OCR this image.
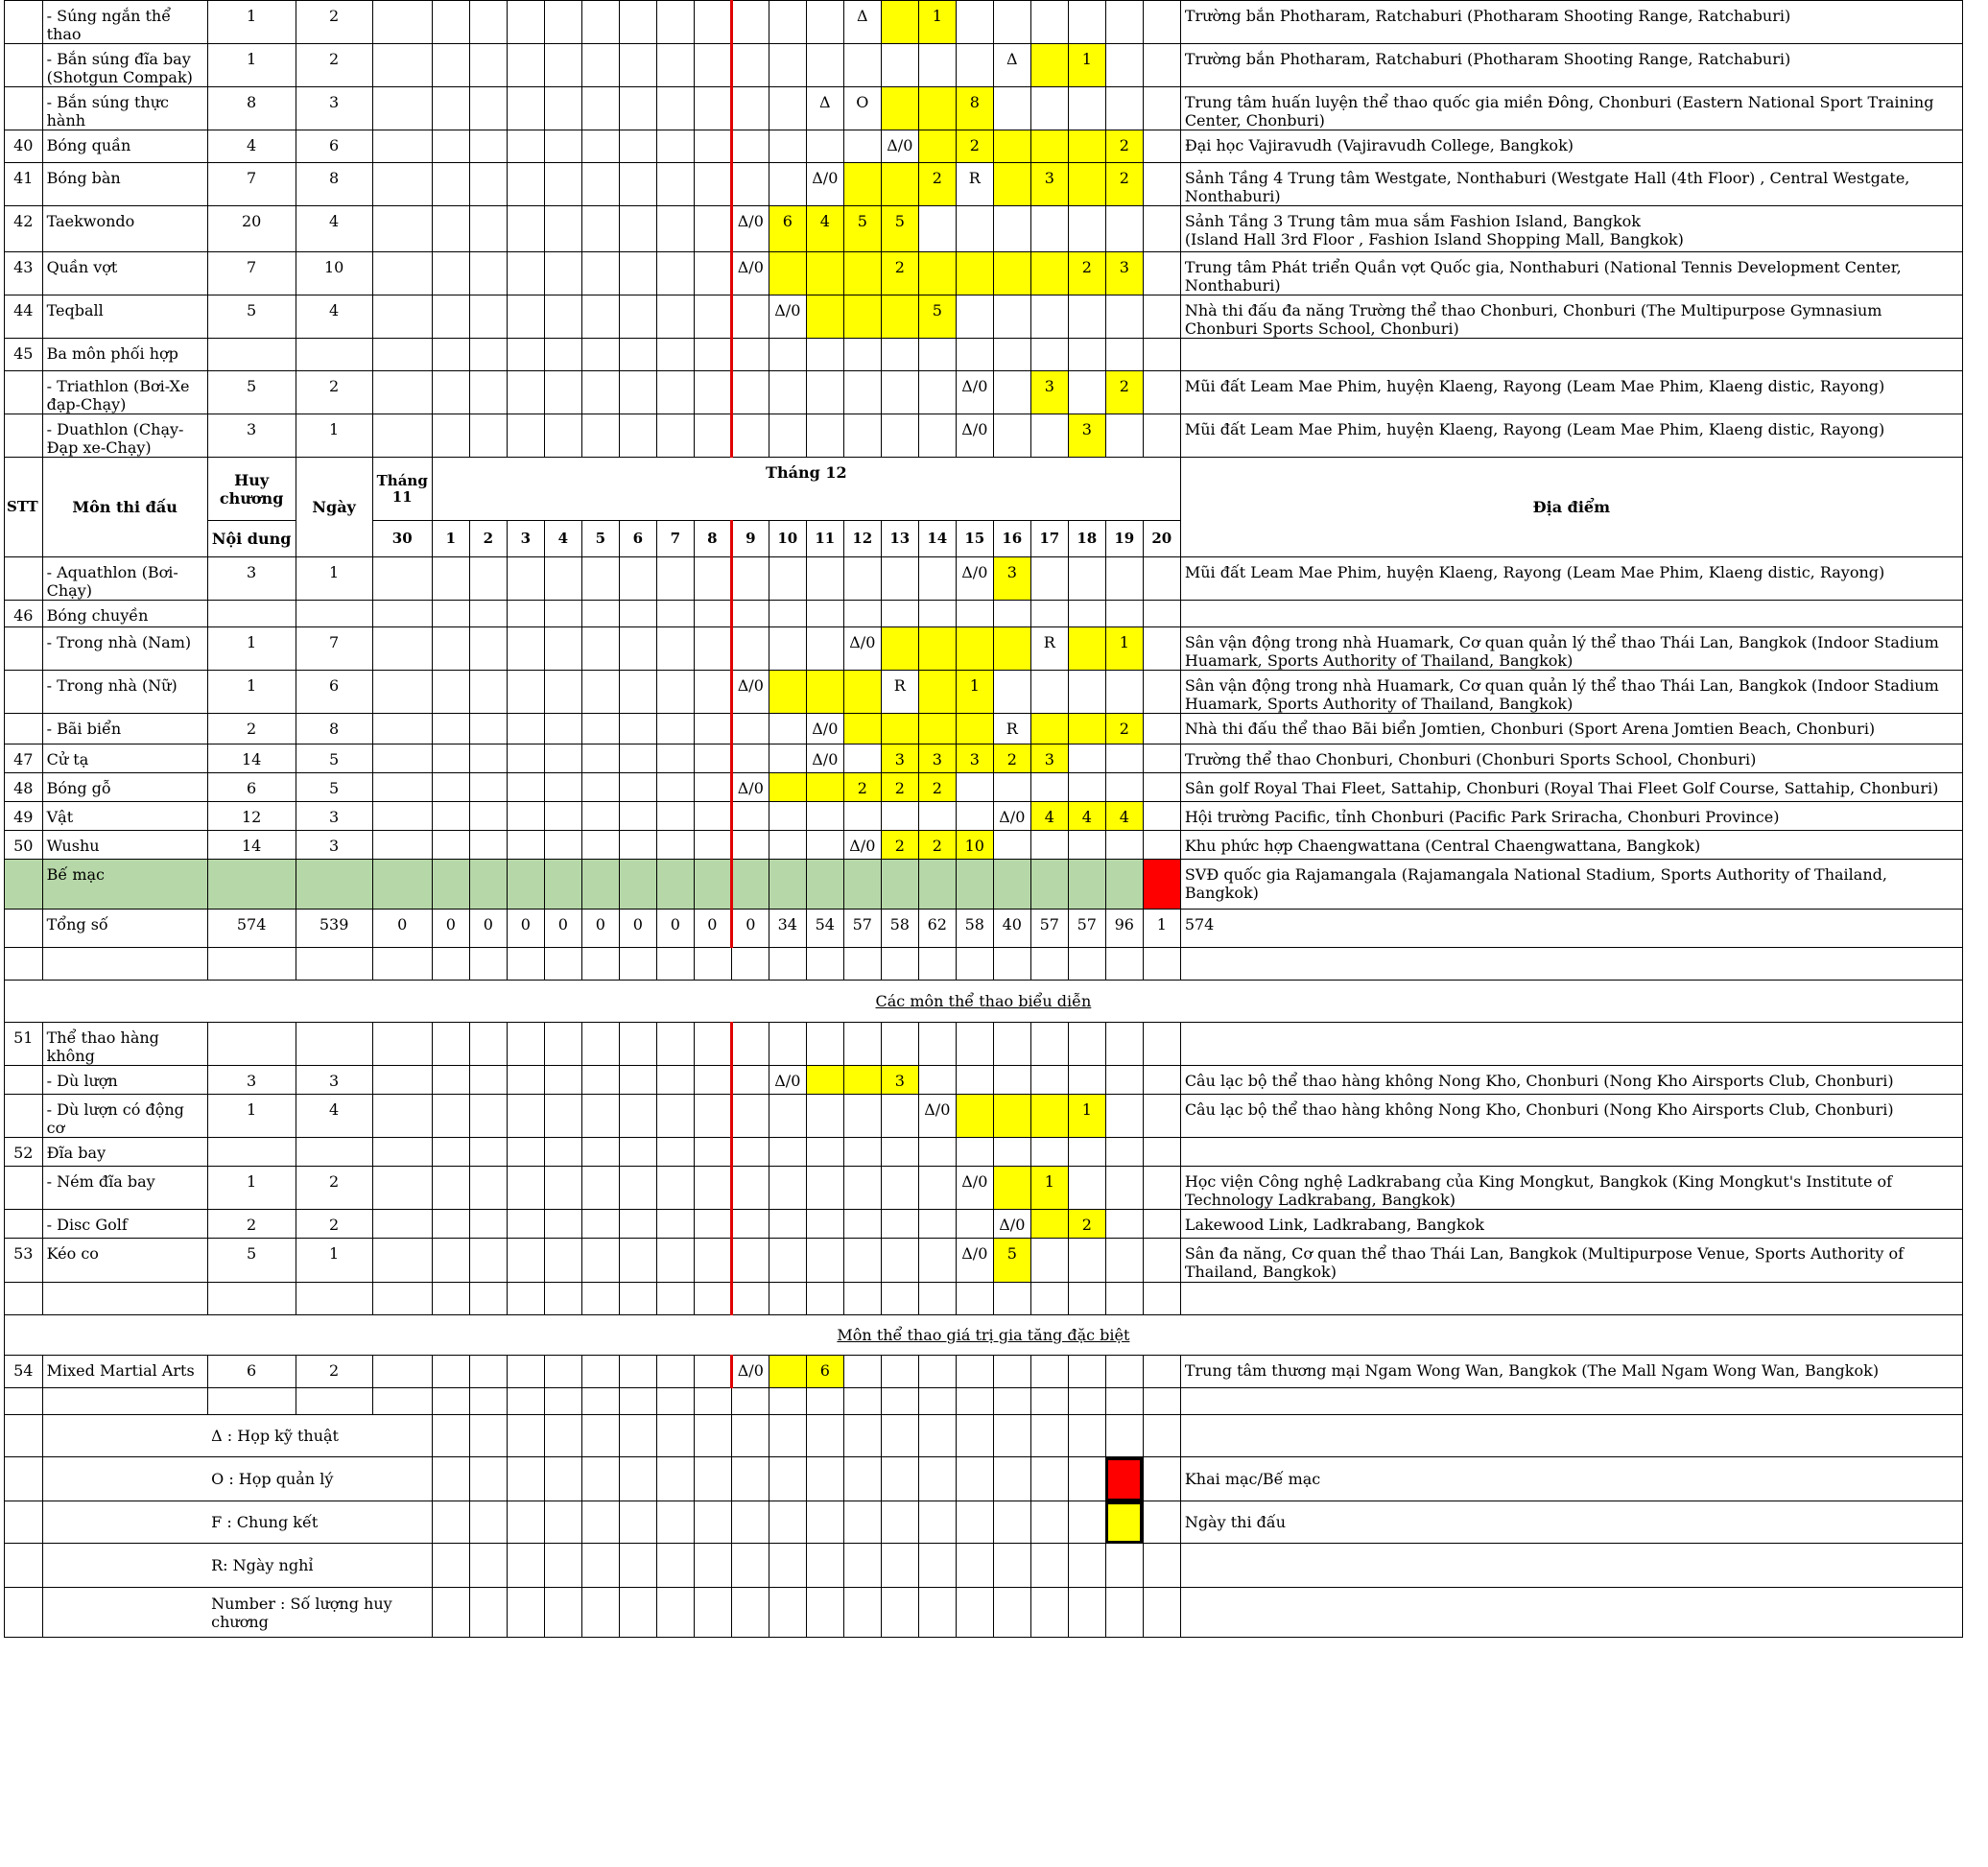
	- Súng ngắn thể thao	1	2													Δ		1							Trường bắn Photharam, Ratchaburi (Photharam Shooting Range, Ratchaburi)
	- Bắn súng đĩa bay (Shotgun Compak)	1	2																	Δ		1			Trường bắn Photharam, Ratchaburi (Photharam Shooting Range, Ratchaburi)
	- Bắn súng thực hành	8	3												Δ	O			8						Trung tâm huấn luyện thể thao quốc gia miền Đông, Chonburi (Eastern National Sport Training Center, Chonburi)
40	Bóng quần	4	6														Δ/0		2				2		Đại học Vajiravudh (Vajiravudh College, Bangkok)
41	Bóng bàn	7	8												Δ/0			2	R		3		2		Sảnh Tầng 4 Trung tâm Westgate, Nonthaburi (Westgate Hall (4th Floor) , Central Westgate, Nonthaburi)
42	Taekwondo	20	4										Δ/0	6	4	5	5								Sảnh Tầng 3 Trung tâm mua sắm Fashion Island, Bangkok
(Island Hall 3rd Floor , Fashion Island Shopping Mall, Bangkok)
43	Quần vợt	7	10										Δ/0				2					2	3		Trung tâm Phát triển Quần vợt Quốc gia, Nonthaburi (National Tennis Development Center, Nonthaburi)
44	Teqball	5	4											Δ/0				5							Nhà thi đấu đa năng Trường thể thao Chonburi, Chonburi (The Multipurpose Gymnasium Chonburi Sports School, Chonburi)
45	Ba môn phối hợp																								
	- Triathlon (Bơi-Xe đạp-Chạy)	5	2																Δ/0		3		2		Mũi đất Leam Mae Phim, huyện Klaeng, Rayong (Leam Mae Phim, Klaeng distic, Rayong)
	- Duathlon (Chạy-Đạp xe-Chạy)	3	1																Δ/0			3			Mũi đất Leam Mae Phim, huyện Klaeng, Rayong (Leam Mae Phim, Klaeng distic, Rayong)
STT	Môn thi đấu	Huy chương	Ngày	Tháng 11	Tháng 12																				Địa điểm
		Nội dung		30	1	2	3	4	5	6	7	8	9	10	11	12	13	14	15	16	17	18	19	20	
	- Aquathlon (Bơi-Chạy)	3	1																Δ/0	3					Mũi đất Leam Mae Phim, huyện Klaeng, Rayong (Leam Mae Phim, Klaeng distic, Rayong)
46	Bóng chuyền																								
	- Trong nhà (Nam)	1	7													Δ/0					R		1		Sân vận động trong nhà Huamark, Cơ quan quản lý thể thao Thái Lan, Bangkok (Indoor Stadium Huamark, Sports Authority of Thailand, Bangkok)
	- Trong nhà (Nữ)	1	6										Δ/0				R		1						Sân vận động trong nhà Huamark, Cơ quan quản lý thể thao Thái Lan, Bangkok (Indoor Stadium Huamark, Sports Authority of Thailand, Bangkok)
	- Bãi biển	2	8												Δ/0					R			2		Nhà thi đấu thể thao Bãi biển Jomtien, Chonburi (Sport Arena Jomtien Beach, Chonburi)
47	Cử tạ	14	5												Δ/0		3	3	3	2	3				Trường thể thao Chonburi, Chonburi (Chonburi Sports School, Chonburi)
48	Bóng gỗ	6	5										Δ/0			2	2	2							Sân golf Royal Thai Fleet, Sattahip, Chonburi (Royal Thai Fleet Golf Course, Sattahip, Chonburi)
49	Vật	12	3																	Δ/0	4	4	4		Hội trường Pacific, tỉnh Chonburi (Pacific Park Sriracha, Chonburi Province)
50	Wushu	14	3													Δ/0	2	2	10						Khu phức hợp Chaengwattana (Central Chaengwattana, Bangkok)
	Bế mạc																								SVĐ quốc gia Rajamangala (Rajamangala National Stadium, Sports Authority of Thailand, Bangkok)
	Tổng số	574	539	0	0	0	0	0	0	0	0	0	0	34	54	57	58	62	58	40	57	57	96	1	574

Các môn thể thao biểu diễn																									
51	Thể thao hàng không																								
	- Dù lượn	3	3											Δ/0			3								Câu lạc bộ thể thao hàng không Nong Kho, Chonburi (Nong Kho Airsports Club, Chonburi)
	- Dù lượn có động cơ	1	4															Δ/0				1			Câu lạc bộ thể thao hàng không Nong Kho, Chonburi (Nong Kho Airsports Club, Chonburi)
52	Đĩa bay																								
	- Ném đĩa bay	1	2																Δ/0		1				Học viện Công nghệ Ladkrabang của King Mongkut, Bangkok (King Mongkut's Institute of Technology Ladkrabang, Bangkok)
	- Disc Golf	2	2																	Δ/0		2			Lakewood Link, Ladkrabang, Bangkok
53	Kéo co	5	1																Δ/0	5					Sân đa năng, Cơ quan thể thao Thái Lan, Bangkok (Multipurpose Venue, Sports Authority of Thailand, Bangkok)

Môn thể thao giá trị gia tăng đặc biệt																									
54	Mixed Martial Arts	6	2										Δ/0		6										Trung tâm thương mại Ngam Wong Wan, Bangkok (The Mall Ngam Wong Wan, Bangkok)

		Δ : Họp kỹ thuật																							
		O : Họp quản lý																							Khai mạc/Bế mạc
		F : Chung kết																							Ngày thi đấu
		R: Ngày nghỉ																							
		Number : Số lượng huy chương																							
